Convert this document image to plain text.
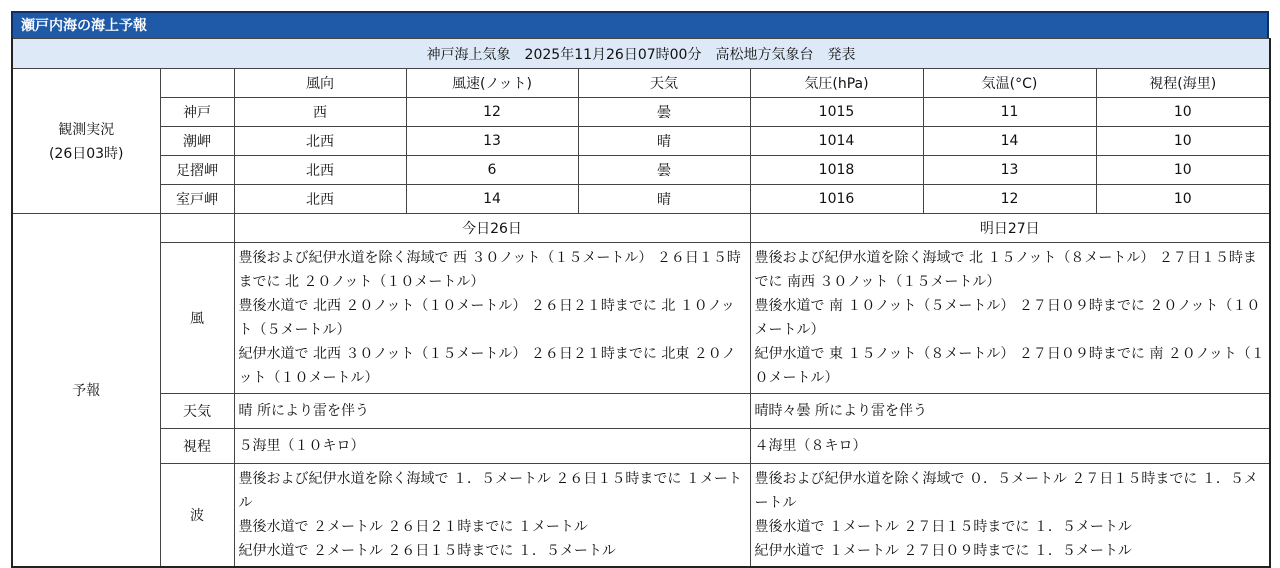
瀬戸内海の海上予報
神戸海上気象　2025年11月26日07時00分　高松地方気象台　発表							

観測実況
(26日03時)		風向	風速(ノット)	天気	気圧(hPa)	気温(°C)	視程(海里)
	神戸	西	12	曇	1015	11	10
	潮岬	北西	13	晴	1014	14	10
	足摺岬	北西	6	曇	1018	13	10
	室戸岬	北西	14	晴	1016	12	10
予報		今日26日			明日27日		
	風	豊後および紀伊水道を除く海域で 西 ３０ノット（１５メートル） ２６日１５時までに 北 ２０ノット（１０メートル）
豊後水道で 北西 ２０ノット（１０メートル） ２６日２１時までに 北 １０ノット（５メートル）
紀伊水道で 北西 ３０ノット（１５メートル） ２６日２１時までに 北東 ２０ノット（１０メートル）			豊後および紀伊水道を除く海域で 北 １５ノット（８メートル） ２７日１５時までに 南西 ３０ノット（１５メートル）
豊後水道で 南 １０ノット（５メートル） ２７日０９時までに ２０ノット（１０メートル）
紀伊水道で 東 １５ノット（８メートル） ２７日０９時までに 南 ２０ノット（１０メートル）		

	天気	晴 所により雷を伴う			晴時々曇 所により雷を伴う		
	視程	５海里（１０キロ）			４海里（８キロ）		
	波	豊後および紀伊水道を除く海域で １．５メートル ２６日１５時までに １メートル
豊後水道で ２メートル ２６日２１時までに １メートル
紀伊水道で ２メートル ２６日１５時までに １．５メートル			豊後および紀伊水道を除く海域で ０．５メートル ２７日１５時までに １．５メートル
豊後水道で １メートル ２７日１５時までに １．５メートル
紀伊水道で １メートル ２７日０９時までに １．５メートル		
